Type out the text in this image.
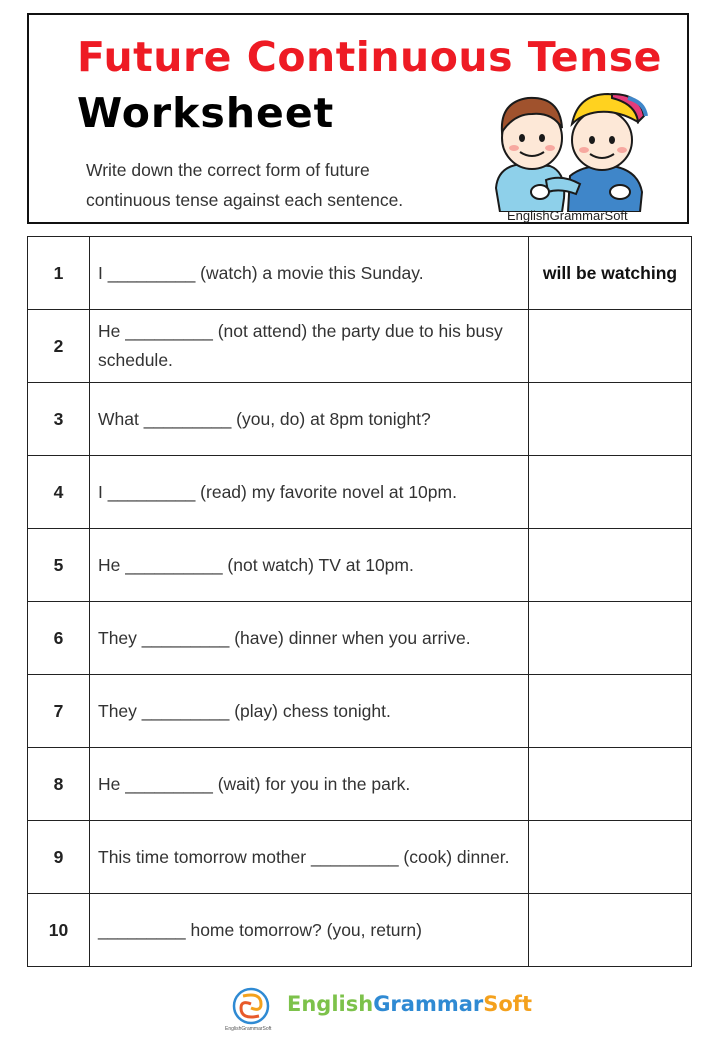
Future Continuous Tense
Worksheet
Write down the correct form of future continuous tense against each sentence.
EnglishGrammarSoft
1	I _________ (watch) a movie this Sunday.	will be watching
2	He _________ (not attend) the party due to his busy schedule.	
3	What _________ (you, do) at 8pm tonight?	
4	I _________ (read) my favorite novel at 10pm.	
5	He __________ (not watch) TV at 10pm.	
6	They _________ (have) dinner when you arrive.	
7	They _________ (play) chess tonight.	
8	He _________ (wait) for you in the park.	
9	This time tomorrow mother _________ (cook) dinner.	
10	_________ home tomorrow? (you, return)	
EnglishGrammarSoft
EnglishGrammarSoft
